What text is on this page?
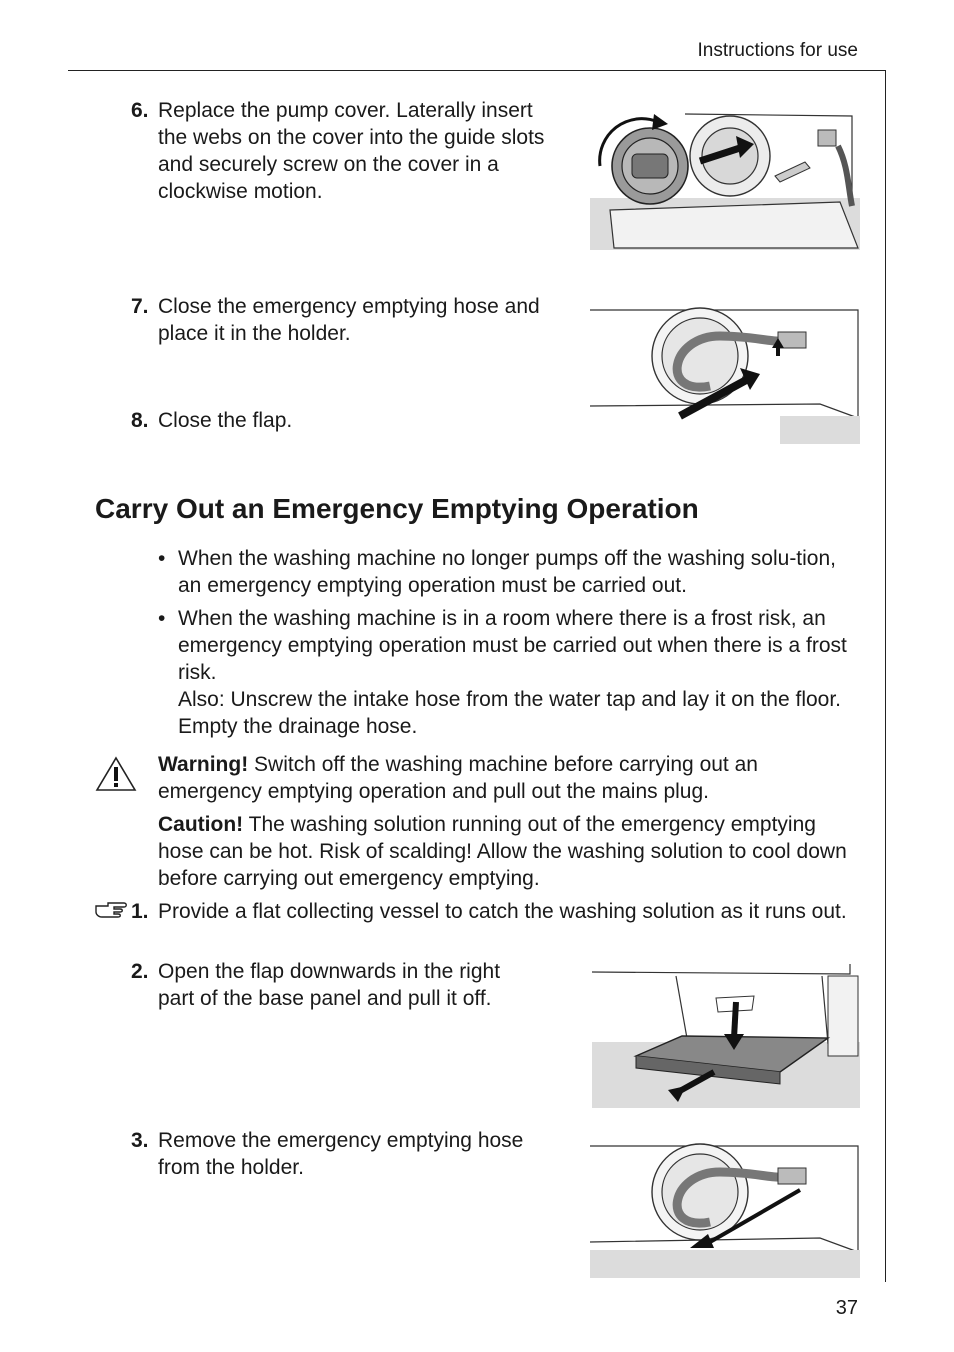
Instructions for use
6. Replace the pump cover. Laterally insert the webs on the cover into the guide slots and securely screw on the cover in a clockwise motion.
7. Close the emergency emptying hose and place it in the holder.
8. Close the flap.
Carry Out an Emergency Emptying Operation
• When the washing machine no longer pumps off the washing solu-tion, an emergency emptying operation must be carried out.
• When the washing machine is in a room where there is a frost risk, an emergency emptying operation must be carried out when there is a frost risk.
Also: Unscrew the intake hose from the water tap and lay it on the floor. Empty the drainage hose.
Warning! Switch off the washing machine before carrying out an emergency emptying operation and pull out the mains plug.
Caution! The washing solution running out of the emergency emptying hose can be hot. Risk of scalding! Allow the washing solution to cool down before carrying out emergency emptying.
1. Provide a flat collecting vessel to catch the washing solution as it runs out.
2. Open the flap downwards in the right part of the base panel and pull it off.
3. Remove the emergency emptying hose from the holder.
37
